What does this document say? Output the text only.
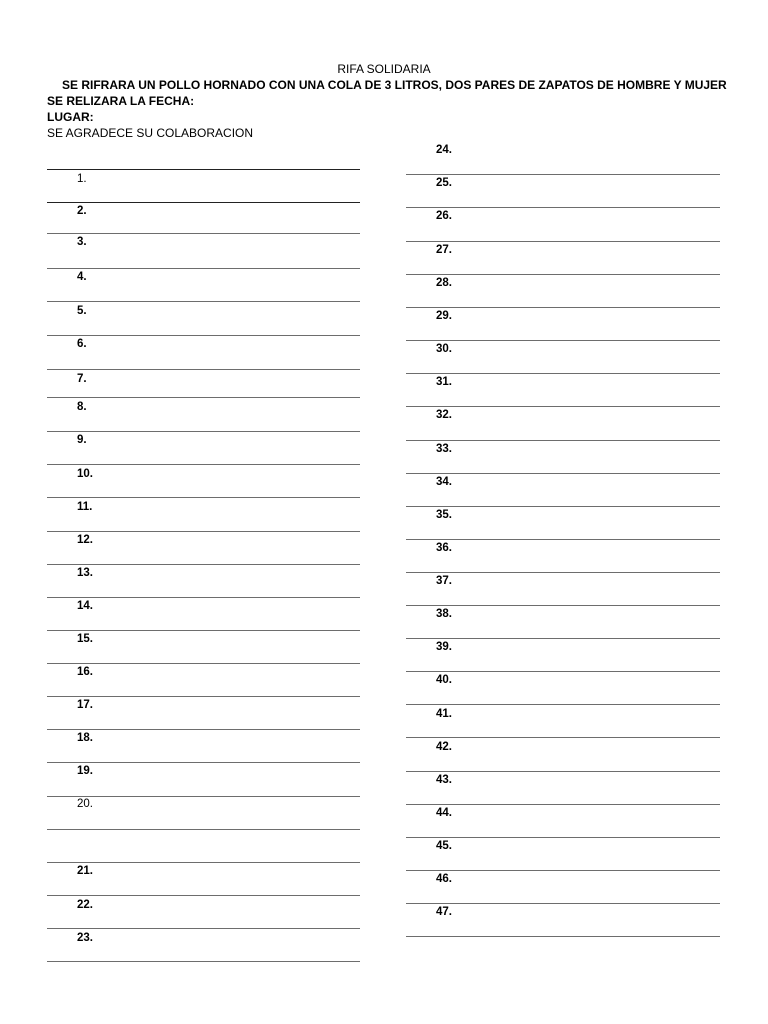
RIFA SOLIDARIA
SE RIFRARA UN POLLO HORNADO CON UNA COLA DE 3 LITROS, DOS PARES DE ZAPATOS DE HOMBRE Y MUJER
SE RELIZARA LA FECHA:
LUGAR:
SE AGRADECE SU COLABORACION
1.
2.
3.
4.
5.
6.
7.
8.
9.
10.
11.
12.
13.
14.
15.
16.
17.
18.
19.
20.
21.
22.
23.
24.
25.
26.
27.
28.
29.
30.
31.
32.
33.
34.
35.
36.
37.
38.
39.
40.
41.
42.
43.
44.
45.
46.
47.
